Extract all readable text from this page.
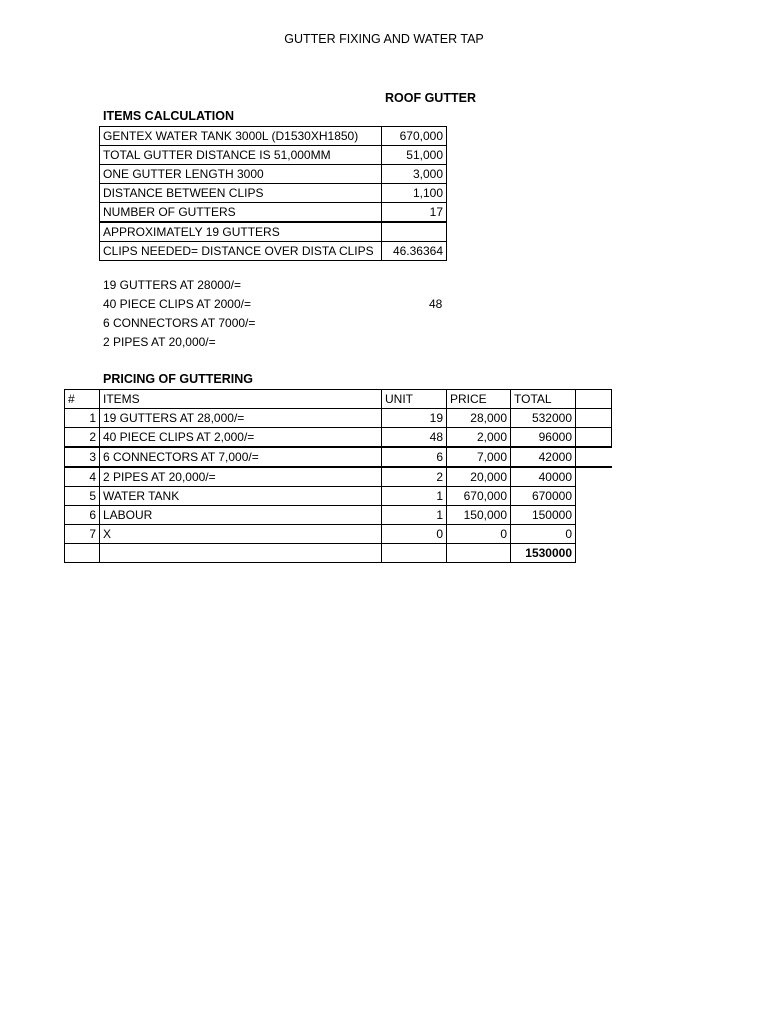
GUTTER FIXING AND WATER TAP
ROOF GUTTER
ITEMS CALCULATION
GENTEX WATER TANK 3000L (D1530XH1850)	670,000
TOTAL GUTTER DISTANCE IS 51,000MM	51,000
ONE GUTTER LENGTH 3000	3,000
DISTANCE BETWEEN CLIPS	1,100
NUMBER OF GUTTERS	17
APPROXIMATELY 19 GUTTERS	
CLIPS NEEDED= DISTANCE OVER DISTA CLIPS	46.36364
19 GUTTERS AT 28000/=
40 PIECE CLIPS AT 2000/=
6 CONNECTORS AT 7000/=
2 PIPES AT 20,000/=
48
PRICING OF GUTTERING
#	ITEMS	UNIT	PRICE	TOTAL	
1	19 GUTTERS AT 28,000/=	19	28,000	532000	
2	40 PIECE CLIPS AT 2,000/=	48	2,000	96000	
3	6 CONNECTORS AT 7,000/=	6	7,000	42000	
4	2 PIPES AT 20,000/=	2	20,000	40000	
5	WATER TANK	1	670,000	670000	
6	LABOUR	1	150,000	150000	
7	X	0	0	0	
				1530000	
